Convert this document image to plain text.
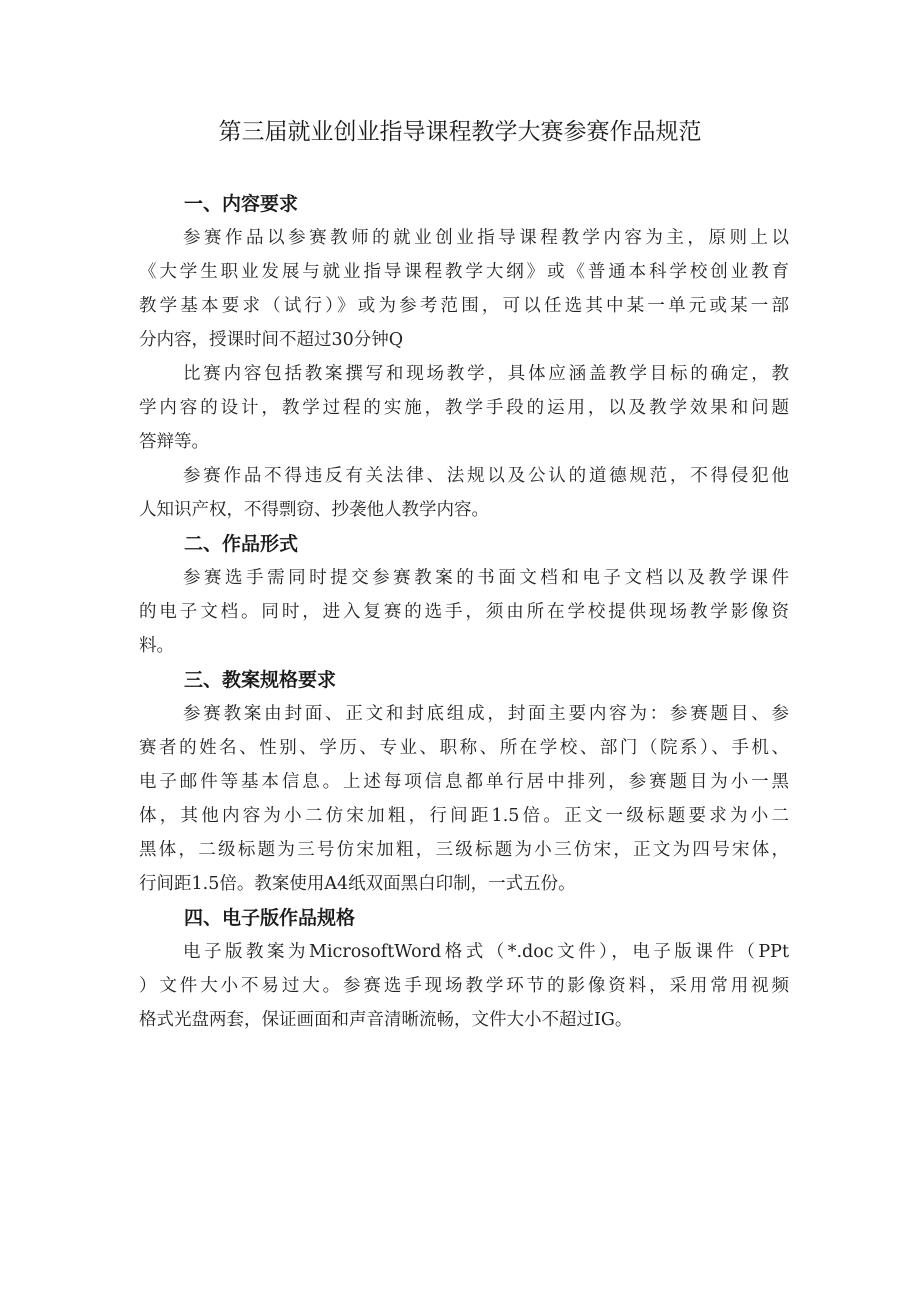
第三届就业创业指导课程教学大赛参赛作品规范
一、内容要求
参赛作品以参赛教师的就业创业指导课程教学内容为主，原则上以
《大学生职业发展与就业指导课程教学大纲》或《普通本科学校创业教育
教学基本要求（试行）》或为参考范围，可以任选其中某一单元或某一部
分内容，授课时间不超过30分钟Q
比赛内容包括教案撰写和现场教学，具体应涵盖教学目标的确定，教
学内容的设计，教学过程的实施，教学手段的运用，以及教学效果和问题
答辩等。
参赛作品不得违反有关法律、法规以及公认的道德规范，不得侵犯他
人知识产权，不得剽窃、抄袭他人教学内容。
二、作品形式
参赛选手需同时提交参赛教案的书面文档和电子文档以及教学课件
的电子文档。同时，进入复赛的选手，须由所在学校提供现场教学影像资
料。
三、教案规格要求
参赛教案由封面、正文和封底组成，封面主要内容为：参赛题目、参
赛者的姓名、性别、学历、专业、职称、所在学校、部门（院系）、手机、
电子邮件等基本信息。上述每项信息都单行居中排列，参赛题目为小一黑
体，其他内容为小二仿宋加粗，行间距1.5倍。正文一级标题要求为小二
黑体，二级标题为三号仿宋加粗，三级标题为小三仿宋，正文为四号宋体，
行间距1.5倍。教案使用A4纸双面黑白印制，一式五份。
四、电子版作品规格
电子版教案为MicrosoftWord格式（*.doc文件），电子版课件（PPt
）文件大小不易过大。参赛选手现场教学环节的影像资料，采用常用视频
格式光盘两套，保证画面和声音清晰流畅，文件大小不超过IG。
